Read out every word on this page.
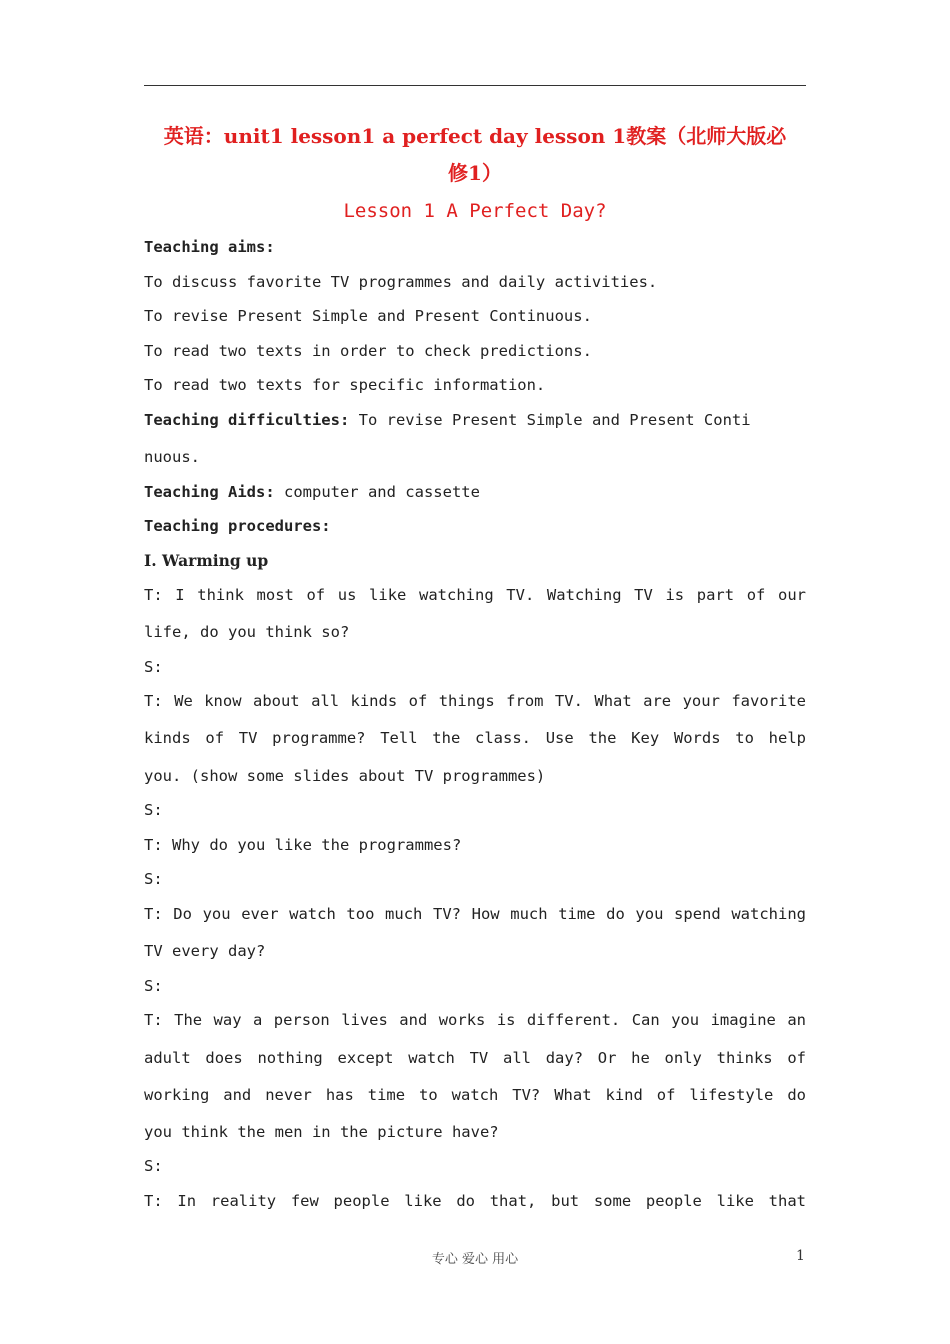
英语：unit1 lesson1 a perfect day lesson 1教案（北师大版必
修1）
Lesson 1 A Perfect Day?
Teaching aims:
To discuss favorite TV programmes and daily activities.
To revise Present Simple and Present Continuous.
To read two texts in order to check predictions.
To read two texts for specific information.
Teaching difficulties: To revise Present Simple and Present Conti
nuous.
Teaching Aids: computer and cassette
Teaching procedures:
Ⅰ. Warming up
T: I think most of us like watching TV. Watching TV is part of our
life, do you think so?
S:
T: We know about all kinds of things from TV. What are your favorite
kinds of TV programme? Tell the class. Use the Key Words to help
you. (show some slides about TV programmes)
S:
T: Why do you like the programmes?
S:
T: Do you ever watch too much TV? How much time do you spend watching
TV every day?
S:
T: The way a person lives and works is different. Can you imagine an
adult does nothing except watch TV all day? Or he only thinks of
working and never has time to watch TV? What kind of lifestyle do
you think the men in the picture have?
S:
T: In reality few people like do that, but some people like that
专心 爱心 用心	1
